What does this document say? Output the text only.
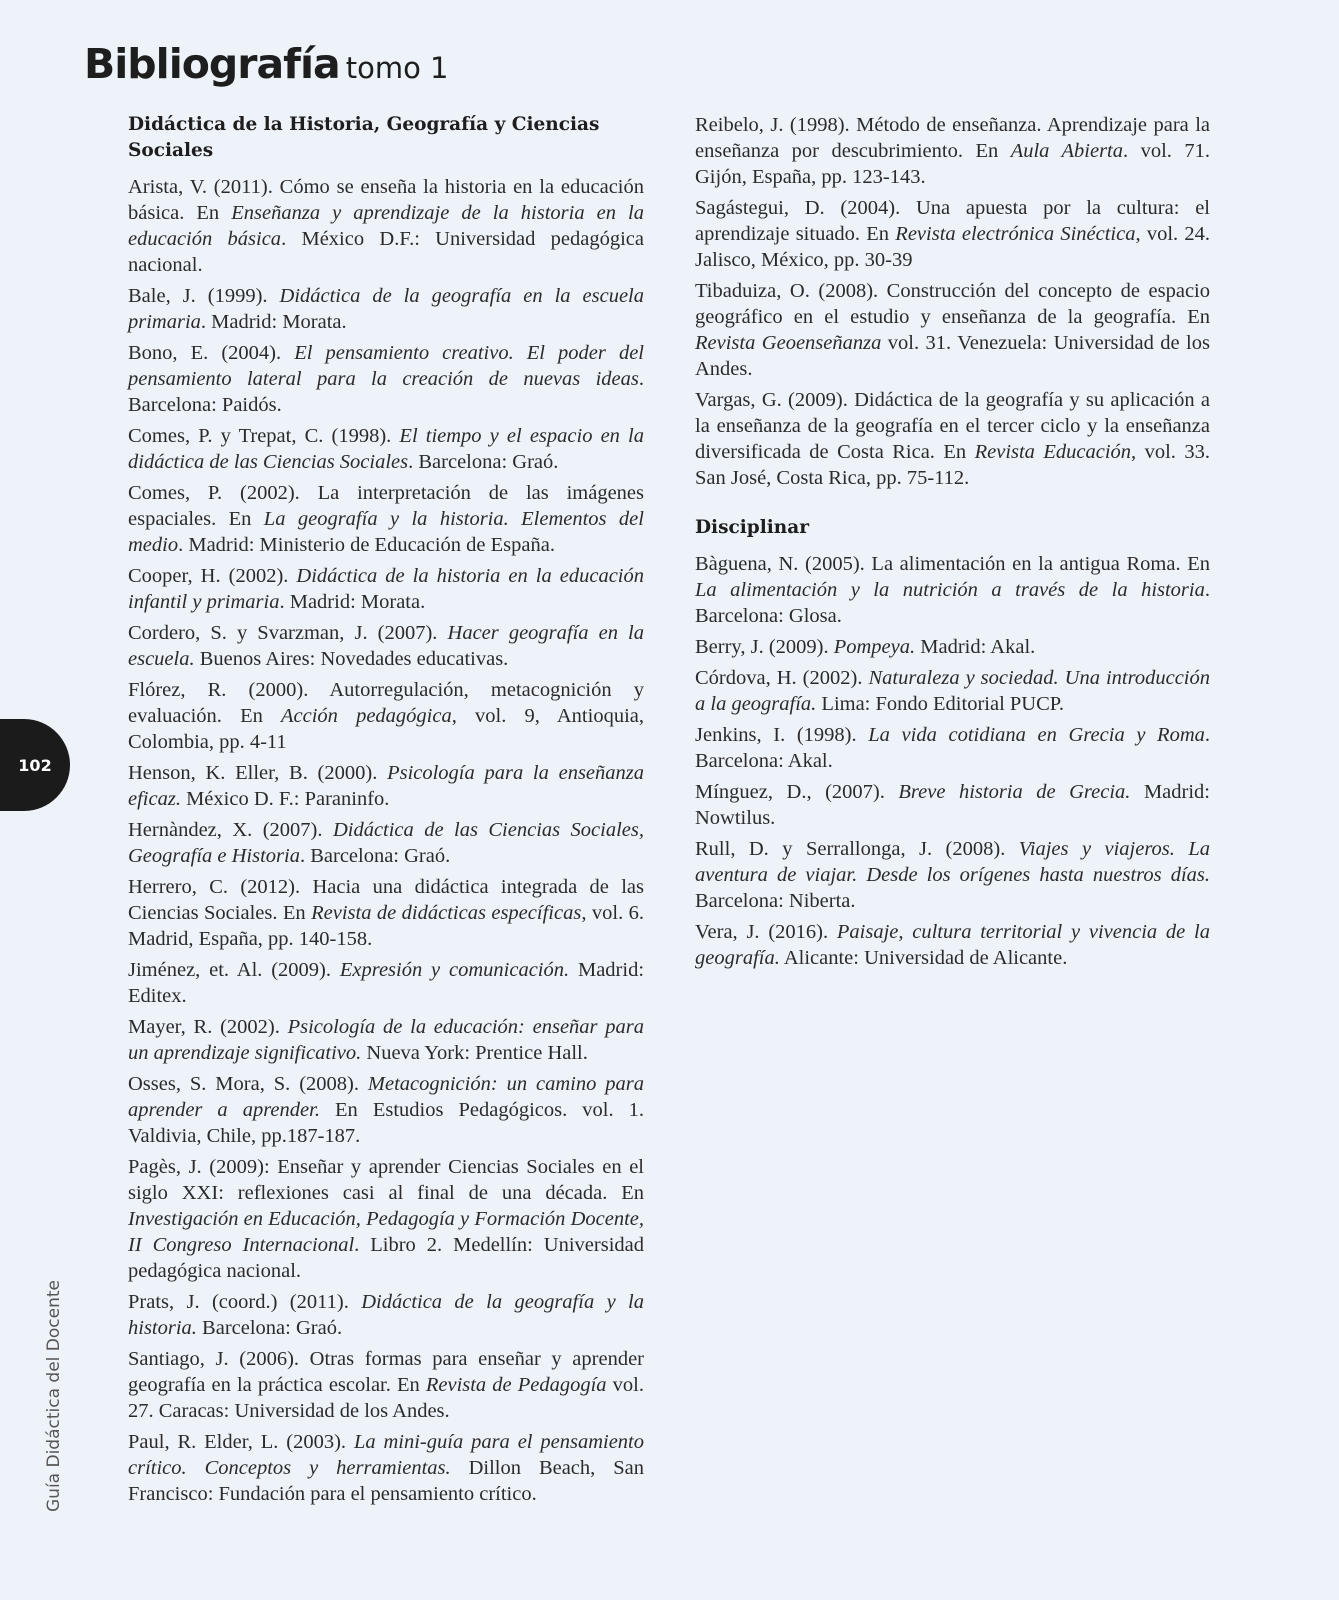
Bibliografía tomo 1
Didáctica de la Historia, Geografía y Ciencias Sociales
Arista, V. (2011). Cómo se enseña la historia en la educación básica. En Enseñanza y aprendizaje de la historia en la educación básica. México D.F.: Universidad pedagógica nacional.
Bale, J. (1999). Didáctica de la geografía en la escuela primaria. Madrid: Morata.
Bono, E. (2004). El pensamiento creativo. El poder del pensamiento lateral para la creación de nuevas ideas. Barcelona: Paidós.
Comes, P. y Trepat, C. (1998). El tiempo y el espacio en la didáctica de las Ciencias Sociales. Barcelona: Graó.
Comes, P. (2002). La interpretación de las imágenes espaciales. En La geografía y la historia. Elementos del medio. Madrid: Ministerio de Educación de España.
Cooper, H. (2002). Didáctica de la historia en la educación infantil y primaria. Madrid: Morata.
Cordero, S. y Svarzman, J. (2007). Hacer geografía en la escuela. Buenos Aires: Novedades educativas.
Flórez, R. (2000). Autorregulación, metacognición y evaluación. En Acción pedagógica, vol. 9, Antioquia, Colombia, pp. 4-11
Henson, K. Eller, B. (2000). Psicología para la enseñanza eficaz. México D. F.: Paraninfo.
Hernàndez, X. (2007). Didáctica de las Ciencias Sociales, Geografía e Historia. Barcelona: Graó.
Herrero, C. (2012). Hacia una didáctica integrada de las Ciencias Sociales. En Revista de didácticas específicas, vol. 6. Madrid, España, pp. 140-158.
Jiménez, et. Al. (2009). Expresión y comunicación. Madrid: Editex.
Mayer, R. (2002). Psicología de la educación: enseñar para un aprendizaje significativo. Nueva York: Prentice Hall.
Osses, S. Mora, S. (2008). Metacognición: un camino para aprender a aprender. En Estudios Pedagógicos. vol. 1. Valdivia, Chile, pp.187-187.
Pagès, J. (2009): Enseñar y aprender Ciencias Sociales en el siglo XXI: reflexiones casi al final de una década. En Investigación en Educación, Pedagogía y Formación Docente, II Congreso Internacional. Libro 2. Medellín: Universidad pedagógica nacional.
Prats, J. (coord.) (2011). Didáctica de la geografía y la historia. Barcelona: Graó.
Santiago, J. (2006). Otras formas para enseñar y aprender geografía en la práctica escolar. En Revista de Pedagogía vol. 27. Caracas: Universidad de los Andes.
Paul, R. Elder, L. (2003). La mini-guía para el pensamiento crítico. Conceptos y herramientas. Dillon Beach, San Francisco: Fundación para el pensamiento crítico.
Reibelo, J. (1998). Método de enseñanza. Aprendizaje para la enseñanza por descubrimiento. En Aula Abierta. vol. 71. Gijón, España, pp. 123-143.
Sagástegui, D. (2004). Una apuesta por la cultura: el aprendizaje situado. En Revista electrónica Sinéctica, vol. 24. Jalisco, México, pp. 30-39
Tibaduiza, O. (2008). Construcción del concepto de espacio geográfico en el estudio y enseñanza de la geografía. En Revista Geoenseñanza vol. 31. Venezuela: Universidad de los Andes.
Vargas, G. (2009). Didáctica de la geografía y su aplicación a la enseñanza de la geografía en el tercer ciclo y la enseñanza diversificada de Costa Rica. En Revista Educación, vol. 33. San José, Costa Rica, pp. 75-112.
Disciplinar
Bàguena, N. (2005). La alimentación en la antigua Roma. En La alimentación y la nutrición a través de la historia. Barcelona: Glosa.
Berry, J. (2009). Pompeya. Madrid: Akal.
Córdova, H. (2002). Naturaleza y sociedad. Una introducción a la geografía. Lima: Fondo Editorial PUCP.
Jenkins, I. (1998). La vida cotidiana en Grecia y Roma. Barcelona: Akal.
Mínguez, D., (2007). Breve historia de Grecia. Madrid: Nowtilus.
Rull, D. y Serrallonga, J. (2008). Viajes y viajeros. La aventura de viajar. Desde los orígenes hasta nuestros días. Barcelona: Niberta.
Vera, J. (2016). Paisaje, cultura territorial y vivencia de la geografía. Alicante: Universidad de Alicante.
102
Guía Didáctica del Docente
